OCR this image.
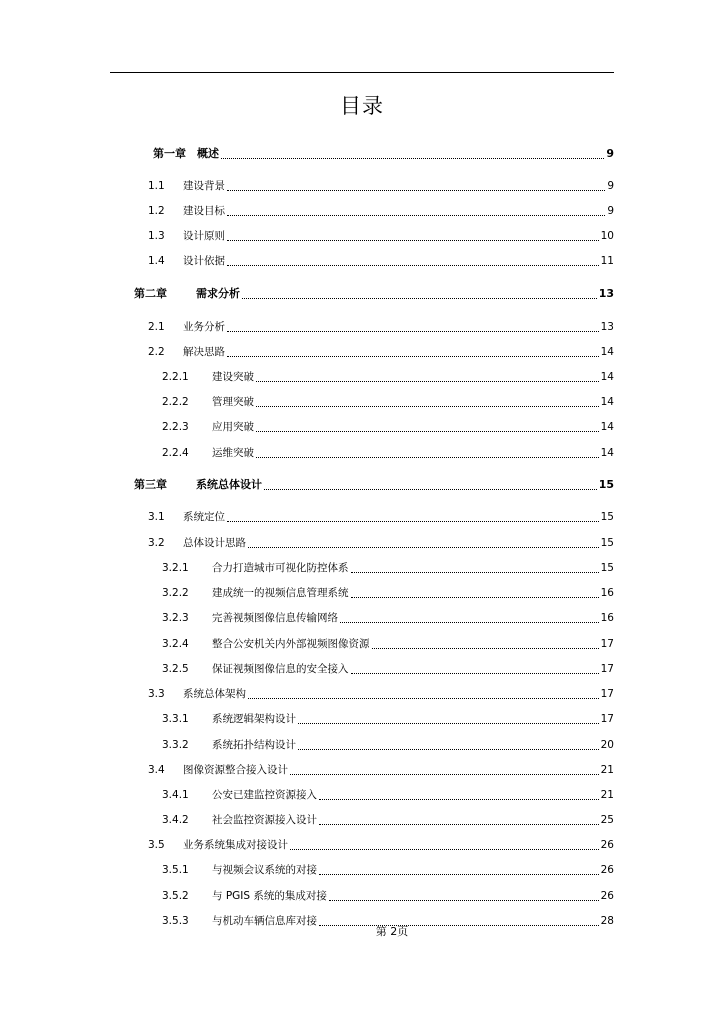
目录
第一章	概述	9
1.1	建设背景	9
1.2	建设目标	9
1.3	设计原则	10
1.4	设计依据	11
第二章	需求分析	13
2.1	业务分析	13
2.2	解决思路	14
2.2.1	建设突破	14
2.2.2	管理突破	14
2.2.3	应用突破	14
2.2.4	运维突破	14
第三章	系统总体设计	15
3.1	系统定位	15
3.2	总体设计思路	15
3.2.1	合力打造城市可视化防控体系	15
3.2.2	建成统一的视频信息管理系统	16
3.2.3	完善视频图像信息传输网络	16
3.2.4	整合公安机关内外部视频图像资源	17
3.2.5	保证视频图像信息的安全接入	17
3.3	系统总体架构	17
3.3.1	系统逻辑架构设计	17
3.3.2	系统拓扑结构设计	20
3.4	图像资源整合接入设计	21
3.4.1	公安已建监控资源接入	21
3.4.2	社会监控资源接入设计	25
3.5	业务系统集成对接设计	26
3.5.1	与视频会议系统的对接	26
3.5.2	与 PGIS 系统的集成对接	26
3.5.3	与机动车辆信息库对接	28
第 2页
